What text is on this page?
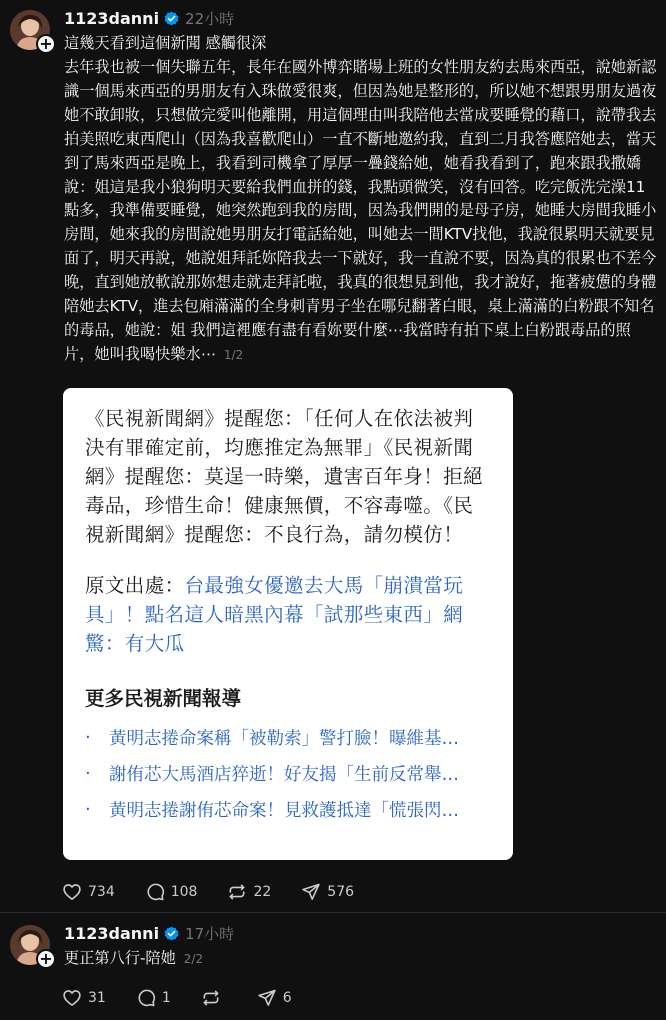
+
1123danni 22小時
這幾天看到這個新聞 感觸很深
去年我也被一個失聯五年，長年在國外博弈賭場上班的女性朋友約去馬來西亞，說她新認識一個馬來西亞的男朋友有入珠做愛很爽，但因為她是整形的，所以她不想跟男朋友過夜她不敢卸妝，只想做完愛叫他離開，用這個理由叫我陪他去當成要睡覺的藉口，說帶我去拍美照吃東西爬山（因為我喜歡爬山）一直不斷地邀約我，直到二月我答應陪她去，當天到了馬來西亞是晚上，我看到司機拿了厚厚一疊錢給她，她看我看到了，跑來跟我撒嬌說：姐這是我小狼狗明天要給我們血拼的錢，我點頭微笑，沒有回答。吃完飯洗完澡11點多，我準備要睡覺，她突然跑到我的房間，因為我們開的是母子房，她睡大房間我睡小房間，她來我的房間說她男朋友打電話給她，叫她去一間KTV找他，我說很累明天就要見面了，明天再說，她說姐拜託妳陪我去一下就好，我一直說不要，因為真的很累也不差今晚，直到她放軟說那妳想走就走拜託啦，我真的很想見到他，我才說好，拖著疲憊的身體陪她去KTV，進去包廂滿滿的全身刺青男子坐在哪兒翻著白眼，桌上滿滿的白粉跟不知名的毒品，她說：姐 我們這裡應有盡有看妳要什麼⋯我當時有拍下桌上白粉跟毒品的照片，她叫我喝快樂水⋯ 1/2

《民視新聞網》提醒您：「任何人在依法被判決有罪確定前，均應推定為無罪」《民視新聞網》提醒您：莫逞一時樂，遺害百年身！拒絕毒品，珍惜生命！健康無價，不容毒噬。《民視新聞網》提醒您：不良行為，請勿模仿！

原文出處：台最強女優邀去大馬「崩潰當玩具」！點名這人暗黑內幕「試那些東西」網驚：有大瓜

更多民視新聞報導
·	黃明志捲命案稱「被勒索」警打臉！曝維基…
·	謝侑芯大馬酒店猝逝！好友揭「生前反常舉…
·	黃明志捲謝侑芯命案！見救護抵達「慌張閃…
734	108	22	576
+
1123danni 17小時
更正第八行-陪她 2/2
31	1	6
